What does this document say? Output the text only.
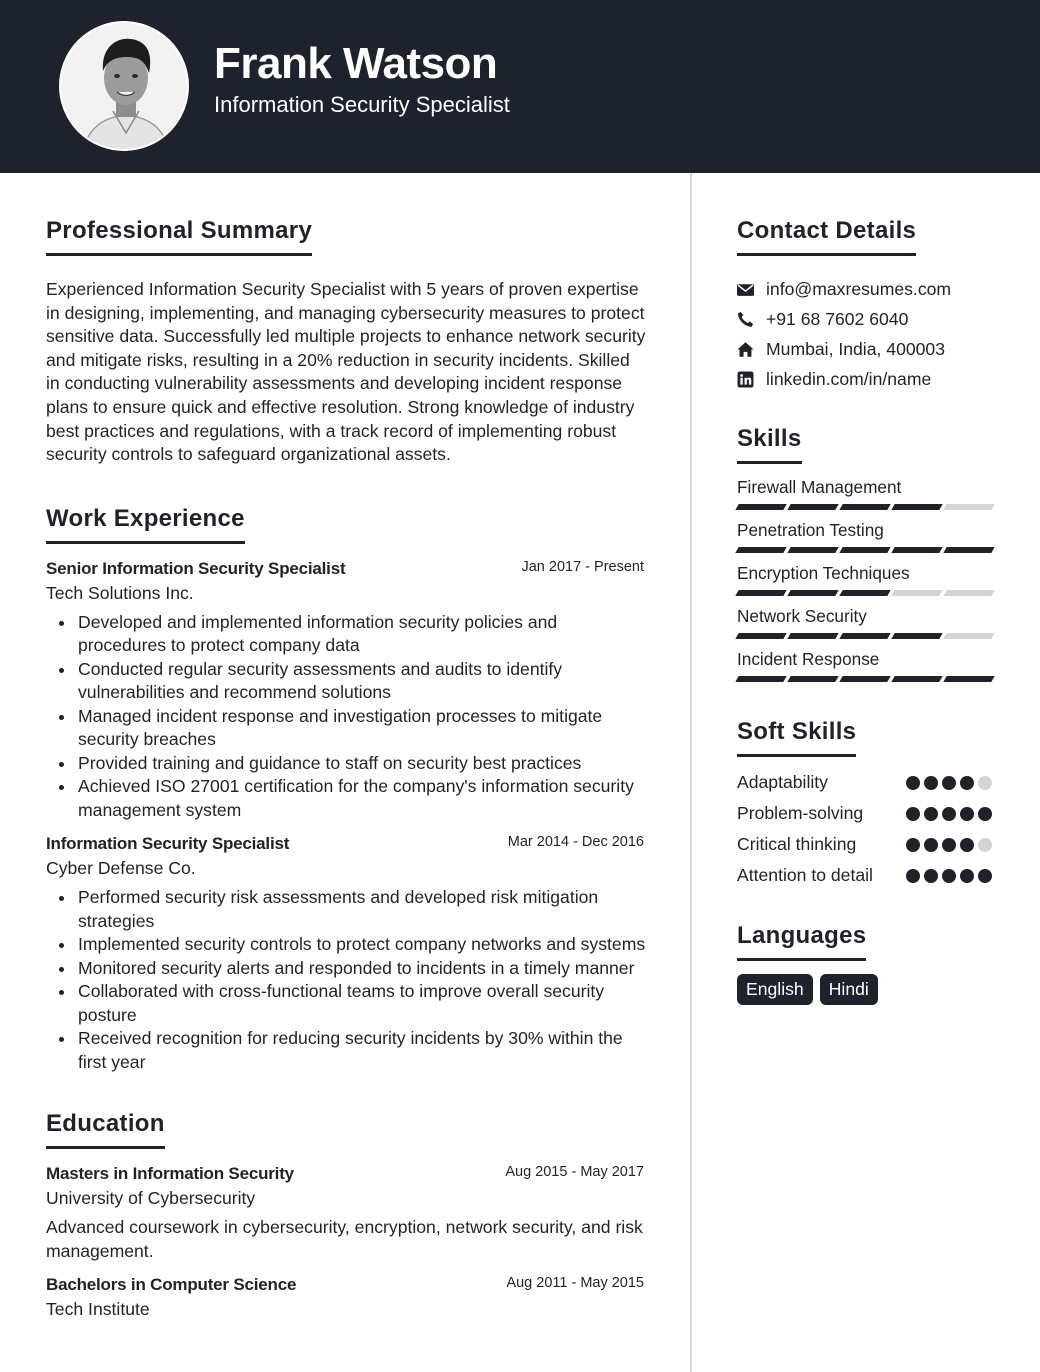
Frank Watson
Information Security Specialist
Professional Summary

Experienced Information Security Specialist with 5 years of proven expertise in designing, implementing, and managing cybersecurity measures to protect sensitive data. Successfully led multiple projects to enhance network security and mitigate risks, resulting in a 20% reduction in security incidents. Skilled in conducting vulnerability assessments and developing incident response plans to ensure quick and effective resolution. Strong knowledge of industry best practices and regulations, with a track record of implementing robust security controls to safeguard organizational assets.

Work Experience
Senior Information Security Specialist	Jan 2017 - Present
Tech Solutions Inc.
Developed and implemented information security policies and procedures to protect company data
Conducted regular security assessments and audits to identify vulnerabilities and recommend solutions
Managed incident response and investigation processes to mitigate security breaches
Provided training and guidance to staff on security best practices
Achieved ISO 27001 certification for the company's information security management system
Information Security Specialist	Mar 2014 - Dec 2016
Cyber Defense Co.
Performed security risk assessments and developed risk mitigation strategies
Implemented security controls to protect company networks and systems
Monitored security alerts and responded to incidents in a timely manner
Collaborated with cross-functional teams to improve overall security posture
Received recognition for reducing security incidents by 30% within the first year
Education
Masters in Information Security	Aug 2015 - May 2017
University of Cybersecurity

Advanced coursework in cybersecurity, encryption, network security, and risk management.

Bachelors in Computer Science	Aug 2011 - May 2015
Tech Institute
Contact Details
info@maxresumes.com
+91 68 7602 6040
Mumbai, India, 400003
linkedin.com/in/name
Skills
Firewall Management
Penetration Testing
Encryption Techniques
Network Security
Incident Response
Soft Skills
Adaptability
Problem-solving
Critical thinking
Attention to detail
Languages
English	Hindi
